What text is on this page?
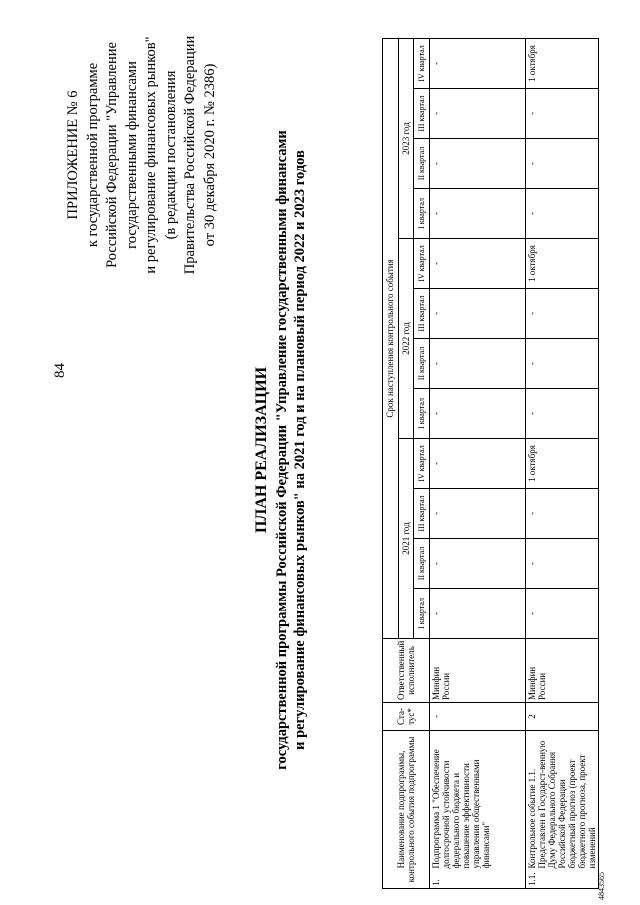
84
ПРИЛОЖЕНИЕ № 6 к государственной программе Российской Федерации "Управление государственными финансами и регулирование финансовых рынков" (в редакции постановления Правительства Российской Федерации от 30 декабря 2020 г. № 2386)
ПЛАН РЕАЛИЗАЦИИ государственной программы Российской Федерации "Управление государственными финансами и регулирование финансовых рынков" на 2021 год и на плановый период 2022 и 2023 годов
Наименование подпрограммы, контрольного события подпрограммы		Ста-тус*	Ответственный исполнитель	Срок наступления контрольного события											
				2021 год				2022 год				2023 год			
				I квартал	II квартал	III квартал	IV квартал	I квартал	II квартал	III квартал	IV квартал	I квартал	II квартал	III квартал	IV квартал
1.	Подпрограмма 1 "Обеспечение долгосрочной устойчивости федерального бюджета и повышение эффективности управления общественными финансами"	-	Минфин России	-	-	-	-	-	-	-	-	-	-	-	-
1.1.	Контрольное событие 1.1. Представлен в Государст-венную Думу Федерального Собрания Российской Федерации бюджетный прогноз (проект бюджетного прогноза, проект изменений	2	Минфин России	-	-	-	1 октября	-	-	-	1 октября	-	-	-	1 октября
4843565
